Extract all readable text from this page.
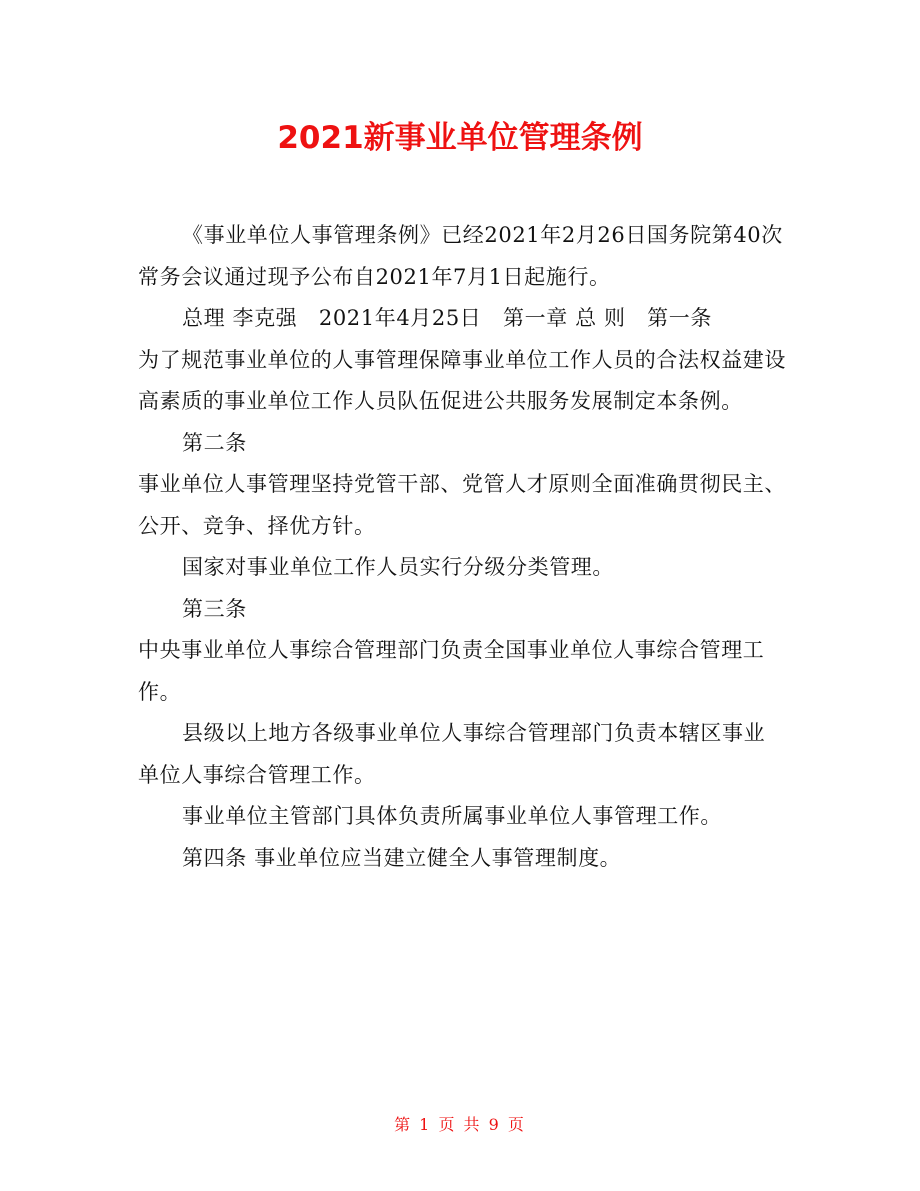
2021新事业单位管理条例

《事业单位人事管理条例》已经2021年2月26日国务院第40次常务会议通过现予公布自2021年7月1日起施行。

总理 李克强　2021年4月25日　第一章 总 则　第一条

为了规范事业单位的人事管理保障事业单位工作人员的合法权益建设高素质的事业单位工作人员队伍促进公共服务发展制定本条例。

第二条

事业单位人事管理坚持党管干部、党管人才原则全面准确贯彻民主、公开、竞争、择优方针。

国家对事业单位工作人员实行分级分类管理。

第三条

中央事业单位人事综合管理部门负责全国事业单位人事综合管理工作。

县级以上地方各级事业单位人事综合管理部门负责本辖区事业单位人事综合管理工作。

事业单位主管部门具体负责所属事业单位人事管理工作。

第四条 事业单位应当建立健全人事管理制度。

第 1 页 共 9 页
